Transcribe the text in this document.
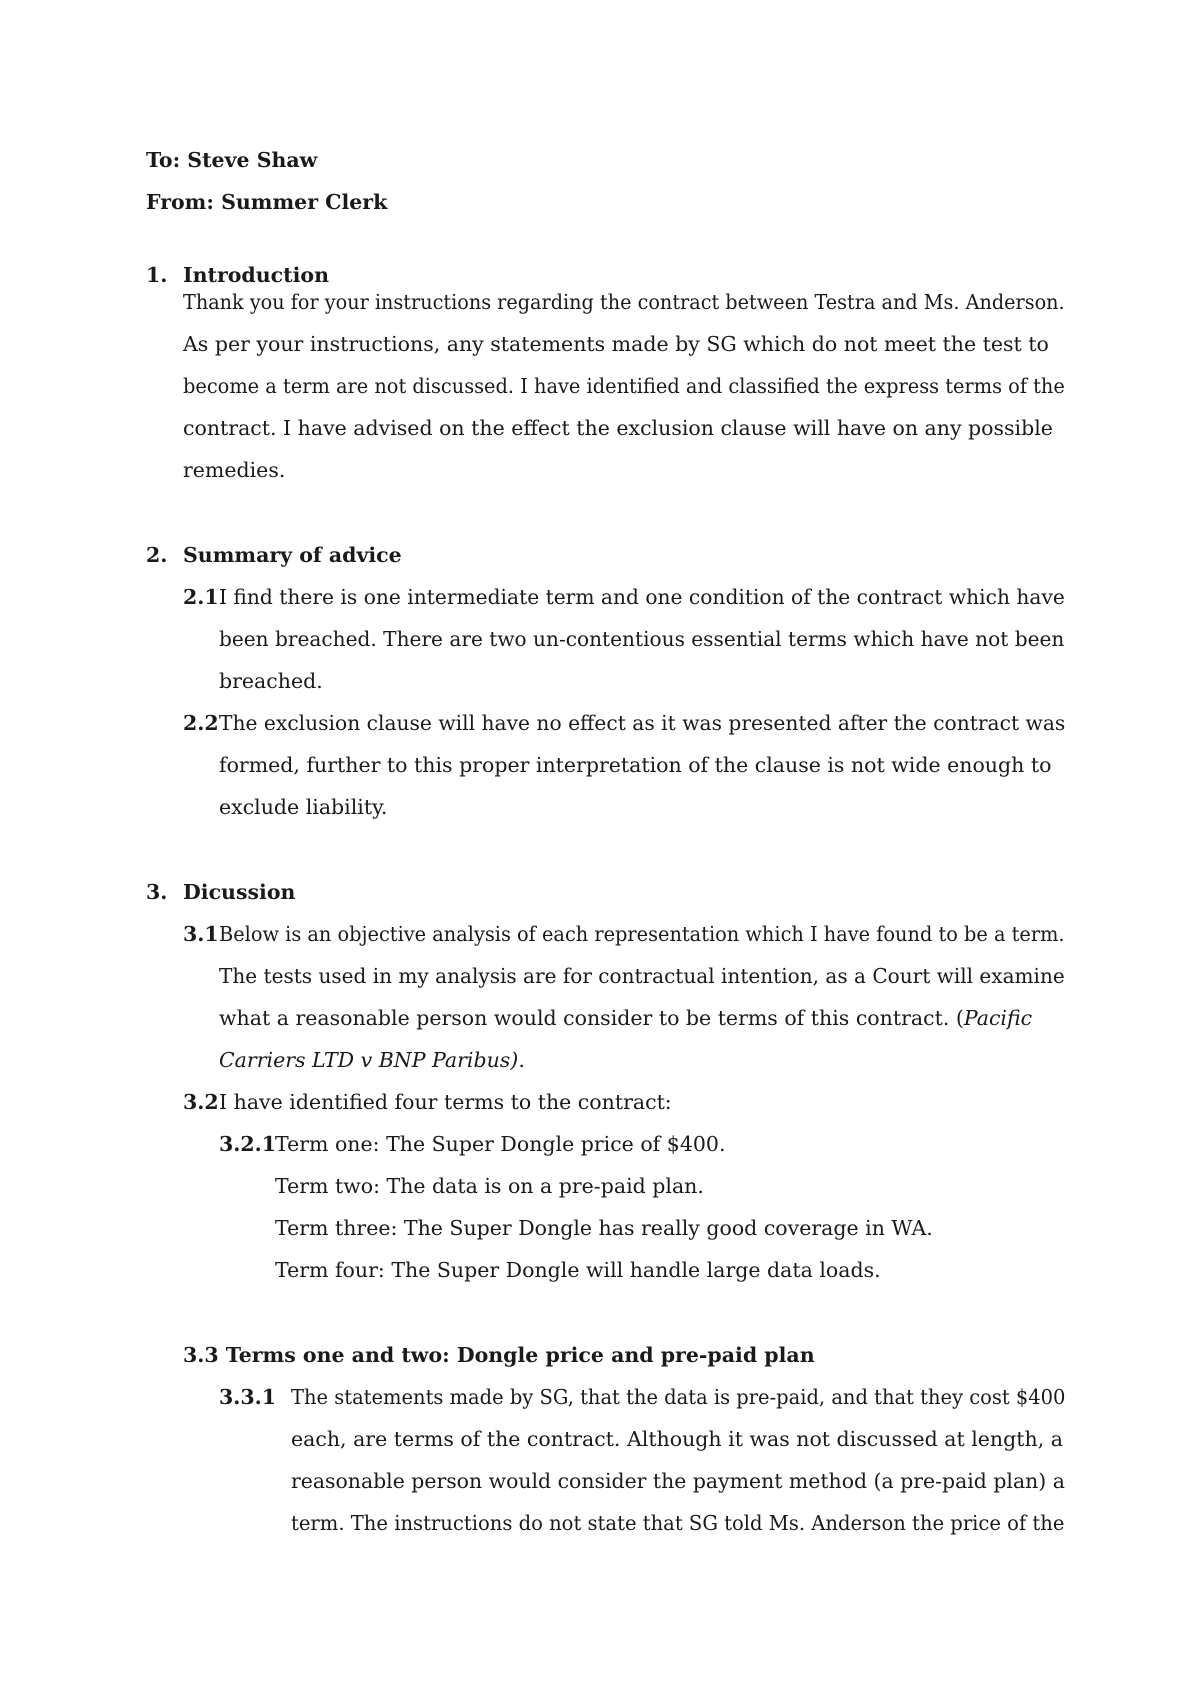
To: Steve Shaw
From: Summer Clerk
1. Introduction
Thank you for your instructions regarding the contract between Testra and Ms. Anderson.
As per your instructions, any statements made by SG which do not meet the test to
become a term are not discussed. I have identified and classified the express terms of the
contract. I have advised on the effect the exclusion clause will have on any possible
remedies.
2. Summary of advice
2.1 I find there is one intermediate term and one condition of the contract which have
been breached. There are two un-contentious essential terms which have not been
breached.
2.2 The exclusion clause will have no effect as it was presented after the contract was
formed, further to this proper interpretation of the clause is not wide enough to
exclude liability.
3. Dicussion
3.1 Below is an objective analysis of each representation which I have found to be a term.
The tests used in my analysis are for contractual intention, as a Court will examine
what a reasonable person would consider to be terms of this contract. (Pacific
Carriers LTD v BNP Paribus).
3.2 I have identified four terms to the contract:
3.2.1
Term one: The Super Dongle price of $400.
Term two: The data is on a pre-paid plan.
Term three: The Super Dongle has really good coverage in WA.
Term four: The Super Dongle will handle large data loads.
3.3 Terms one and two: Dongle price and pre-paid plan
3.3.1 The statements made by SG, that the data is pre-paid, and that they cost $400
each, are terms of the contract. Although it was not discussed at length, a
reasonable person would consider the payment method (a pre-paid plan) a
term. The instructions do not state that SG told Ms. Anderson the price of the
